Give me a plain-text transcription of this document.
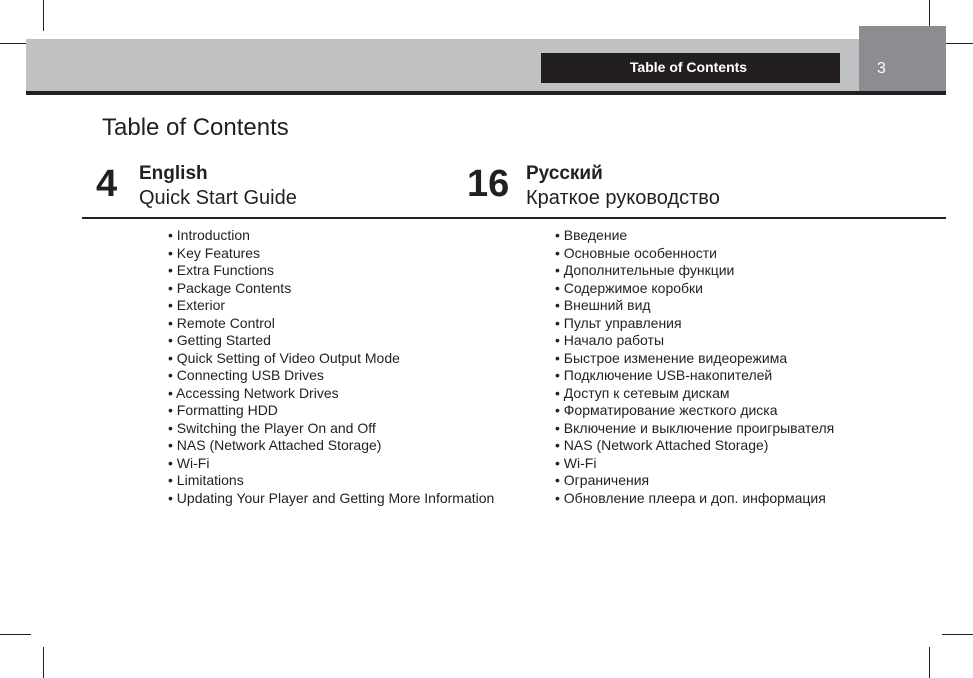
Table of Contents	3
Table of Contents
4 English
Quick Start Guide	16 Русский
Краткое руководство
• Introduction
• Key Features
• Extra Functions
• Package Contents
• Exterior
• Remote Control
• Getting Started
• Quick Setting of Video Output Mode
• Connecting USB Drives
• Accessing Network Drives
• Formatting HDD
• Switching the Player On and Off
• NAS (Network Attached Storage)
• Wi-Fi
• Limitations
• Updating Your Player and Getting More Information
• Введение
• Основные особенности
• Дополнительные функции
• Содержимое коробки
• Внешний вид
• Пульт управления
• Начало работы
• Быстрое изменение видеорежима
• Подключение USB-накопителей
• Доступ к сетевым дискам
• Форматирование жесткого диска
• Включение и выключение проигрывателя
• NAS (Network Attached Storage)
• Wi-Fi
• Ограничения
• Обновление плеера и доп. информация
